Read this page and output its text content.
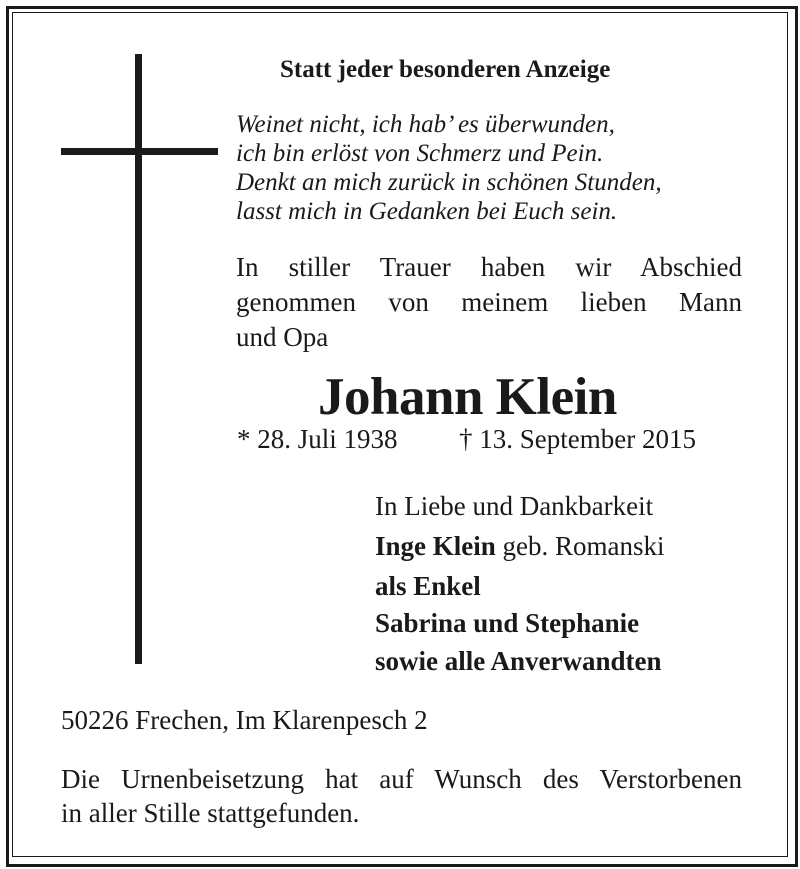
Statt jeder besonderen Anzeige
Weinet nicht, ich hab’ es überwunden,
ich bin erlöst von Schmerz und Pein.
Denkt an mich zurück in schönen Stunden,
lasst mich in Gedanken bei Euch sein.
In stiller Trauer haben wir Abschied
genommen von meinem lieben Mann
und Opa
Johann Klein
* 28. Juli 1938 † 13. September 2015
In Liebe und Dankbarkeit
Inge Klein geb. Romanski
als Enkel
Sabrina und Stephanie
sowie alle Anverwandten
50226 Frechen, Im Klarenpesch 2
Die Urnenbeisetzung hat auf Wunsch des Verstorbenen
in aller Stille stattgefunden.
